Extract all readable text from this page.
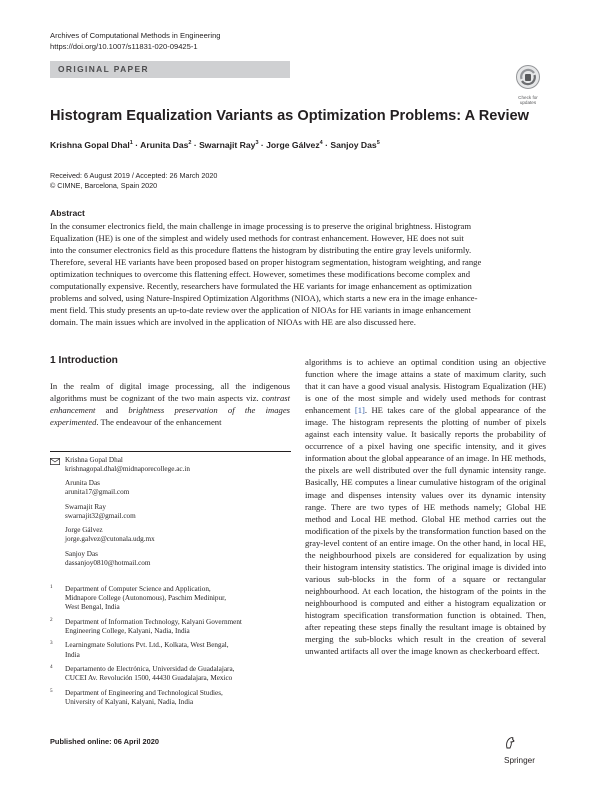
Archives of Computational Methods in Engineering
https://doi.org/10.1007/s11831-020-09425-1
ORIGINAL PAPER
Check for
updates
Histogram Equalization Variants as Optimization Problems: A Review
Krishna Gopal Dhal$^1$ · Arunita Das$^2$ · Swarnajit Ray$^3$ · Jorge Gálvez$^4$ · Sanjoy Das$^5$
Received: 6 August 2019 / Accepted: 26 March 2020
© CIMNE, Barcelona, Spain 2020
Abstract
In the consumer electronics field, the main challenge in image processing is to preserve the original brightness. Histogram
Equalization (HE) is one of the simplest and widely used methods for contrast enhancement. However, HE does not suit
into the consumer electronics field as this procedure flattens the histogram by distributing the entire gray levels uniformly.
Therefore, several HE variants have been proposed based on proper histogram segmentation, histogram weighting, and range
optimization techniques to overcome this flattening effect. However, sometimes these modifications become complex and
computationally expensive. Recently, researchers have formulated the HE variants for image enhancement as optimization
problems and solved, using Nature-Inspired Optimization Algorithms (NIOA), which starts a new era in the image enhance-
ment field. This study presents an up-to-date review over the application of NIOAs for HE variants in image enhancement
domain. The main issues which are involved in the application of NIOAs with HE are also discussed here.
1 Introduction
In the realm of digital image processing, all the indigenous algorithms must be cognizant of the two main aspects viz. contrast enhancement and brightness preservation of the images experimented. The endeavour of the enhancement
algorithms is to achieve an optimal condition using an objective function where the image attains a state of maximum clarity, such that it can have a good visual analysis. Histogram Equalization (HE) is one of the most simple and widely used methods for contrast enhancement [1]. HE takes care of the global appearance of the image. The histogram represents the plotting of number of pixels against each intensity value. It basically reports the probability of occurrence of a pixel having one specific intensity, and it gives information about the global appearance of an image. In HE methods, the pixels are well distributed over the full dynamic intensity range. Basically, HE computes a linear cumulative histogram of the original image and dispenses intensity values over its dynamic intensity range. There are two types of HE methods namely; Global HE method and Local HE method. Global HE method carries out the modification of the pixels by the transformation function based on the gray-level content of an entire image. On the other hand, in local HE, the neighbourhood pixels are considered for equalization by using their histogram intensity statistics. The original image is divided into various sub-blocks in the form of a square or rectangular neighbourhood. At each location, the histogram of the points in the neighbourhood is computed and either a histogram equalization or histogram specification transformation function is obtained. Then, after repeating these steps finally the resultant image is obtained by merging the sub-blocks which result in the creation of several unwanted artifacts all over the image known as checkerboard effect.
Krishna Gopal Dhal
krishnagopal.dhal@midnaporecollege.ac.in
Arunita Das
arunita17@gmail.com
Swarnajit Ray
swarnajit32@gmail.com
Jorge Gálvez
jorge.galvez@cutonala.udg.mx
Sanjoy Das
dassanjoy0810@hotmail.com
1 Department of Computer Science and Application,
Midnapore College (Autonomous), Paschim Medinipur,
West Bengal, India
2 Department of Information Technology, Kalyani Government
Engineering College, Kalyani, Nadia, India
3 Learningmate Solutions Pvt. Ltd., Kolkata, West Bengal,
India
4 Departamento de Electrónica, Universidad de Guadalajara,
CUCEI Av. Revolución 1500, 44430 Guadalajara, Mexico
5 Department of Engineering and Technological Studies,
University of Kalyani, Kalyani, Nadia, India
Published online: 06 April 2020
Springer
